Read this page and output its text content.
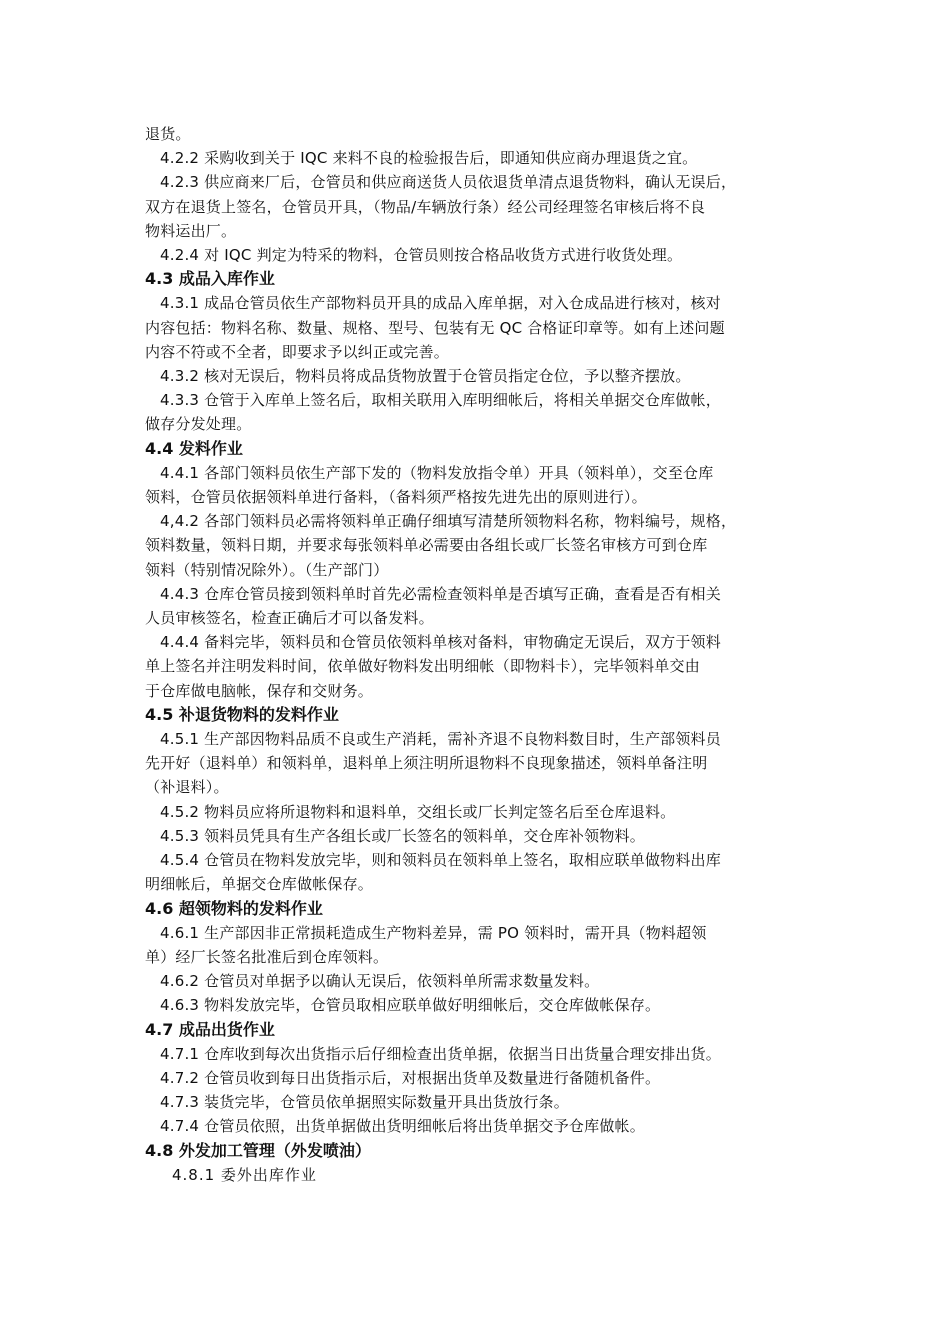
退货。
4.2.2 采购收到关于 IQC 来料不良的检验报告后，即通知供应商办理退货之宜。
4.2.3 供应商来厂后，仓管员和供应商送货人员依退货单清点退货物料，确认无误后，
双方在退货上签名，仓管员开具，（物品/车辆放行条）经公司经理签名审核后将不良
物料运出厂。
4.2.4 对 IQC 判定为特采的物料，仓管员则按合格品收货方式进行收货处理。
4.3 成品入库作业
4.3.1 成品仓管员依生产部物料员开具的成品入库单据，对入仓成品进行核对，核对
内容包括：物料名称、数量、规格、型号、包装有无 QC 合格证印章等。如有上述问题
内容不符或不全者，即要求予以纠正或完善。
4.3.2 核对无误后，物料员将成品货物放置于仓管员指定仓位，予以整齐摆放。
4.3.3 仓管于入库单上签名后，取相关联用入库明细帐后，将相关单据交仓库做帐，
做存分发处理。
4.4 发料作业
4.4.1 各部门领料员依生产部下发的（物料发放指令单）开具（领料单），交至仓库
领料，仓管员依据领料单进行备料，（备料须严格按先进先出的原则进行）。
4,4.2 各部门领料员必需将领料单正确仔细填写清楚所领物料名称，物料编号，规格，
领料数量，领料日期，并要求每张领料单必需要由各组长或厂长签名审核方可到仓库
领料（特别情况除外）。（生产部门）
4.4.3 仓库仓管员接到领料单时首先必需检查领料单是否填写正确，查看是否有相关
人员审核签名，检查正确后才可以备发料。
4.4.4 备料完毕，领料员和仓管员依领料单核对备料，审物确定无误后，双方于领料
单上签名并注明发料时间，依单做好物料发出明细帐（即物料卡），完毕领料单交由
于仓库做电脑帐，保存和交财务。
4.5 补退货物料的发料作业
4.5.1 生产部因物料品质不良或生产消耗，需补齐退不良物料数目时，生产部领料员
先开好（退料单）和领料单，退料单上须注明所退物料不良现象描述，领料单备注明
（补退料）。
4.5.2 物料员应将所退物料和退料单，交组长或厂长判定签名后至仓库退料。
4.5.3 领料员凭具有生产各组长或厂长签名的领料单，交仓库补领物料。
4.5.4 仓管员在物料发放完毕，则和领料员在领料单上签名，取相应联单做物料出库
明细帐后，单据交仓库做帐保存。
4.6 超领物料的发料作业
4.6.1 生产部因非正常损耗造成生产物料差异，需 PO 领料时，需开具（物料超领
单）经厂长签名批准后到仓库领料。
4.6.2 仓管员对单据予以确认无误后，依领料单所需求数量发料。
4.6.3 物料发放完毕，仓管员取相应联单做好明细帐后，交仓库做帐保存。
4.7 成品出货作业
4.7.1 仓库收到每次出货指示后仔细检查出货单据，依据当日出货量合理安排出货。
4.7.2 仓管员收到每日出货指示后，对根据出货单及数量进行备随机备件。
4.7.3 装货完毕，仓管员依单据照实际数量开具出货放行条。
4.7.4 仓管员依照，出货单据做出货明细帐后将出货单据交予仓库做帐。
4.8 外发加工管理（外发喷油）
4.8.1 委外出库作业
